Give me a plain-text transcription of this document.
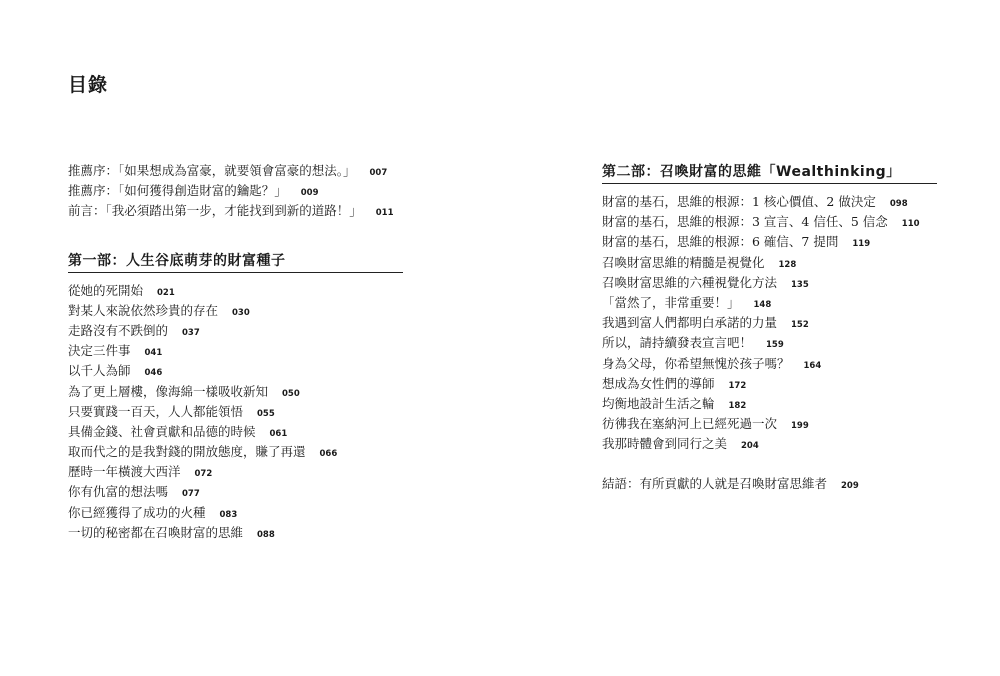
目錄
推薦序：「如果想成為富豪，就要領會富豪的想法。」 007
推薦序：「如何獲得創造財富的鑰匙？」 009
前言：「我必須踏出第一步，才能找到到新的道路！」 011
第一部：人生谷底萌芽的財富種子
從她的死開始 021
對某人來說依然珍貴的存在 030
走路沒有不跌倒的 037
決定三件事 041
以千人為師 046
為了更上層樓，像海綿一樣吸收新知 050
只要實踐一百天，人人都能領悟 055
具備金錢、社會貢獻和品德的時候 061
取而代之的是我對錢的開放態度，賺了再還 066
歷時一年橫渡大西洋 072
你有仇富的想法嗎 077
你已經獲得了成功的火種 083
一切的秘密都在召喚財富的思維 088
第二部：召喚財富的思維「Wealthinking」
財富的基石，思維的根源：1 核心價值、2 做決定 098
財富的基石，思維的根源：3 宣言、4 信任、5 信念 110
財富的基石，思維的根源：6 確信、7 提問 119
召喚財富思維的精髓是視覺化 128
召喚財富思維的六種視覺化方法 135
「當然了，非常重要！」 148
我遇到富人們都明白承諾的力量 152
所以，請持續發表宣言吧！ 159
身為父母，你希望無愧於孩子嗎？ 164
想成為女性們的導師 172
均衡地設計生活之輪 182
彷彿我在塞納河上已經死過一次 199
我那時體會到同行之美 204
結語：有所貢獻的人就是召喚財富思維者 209
